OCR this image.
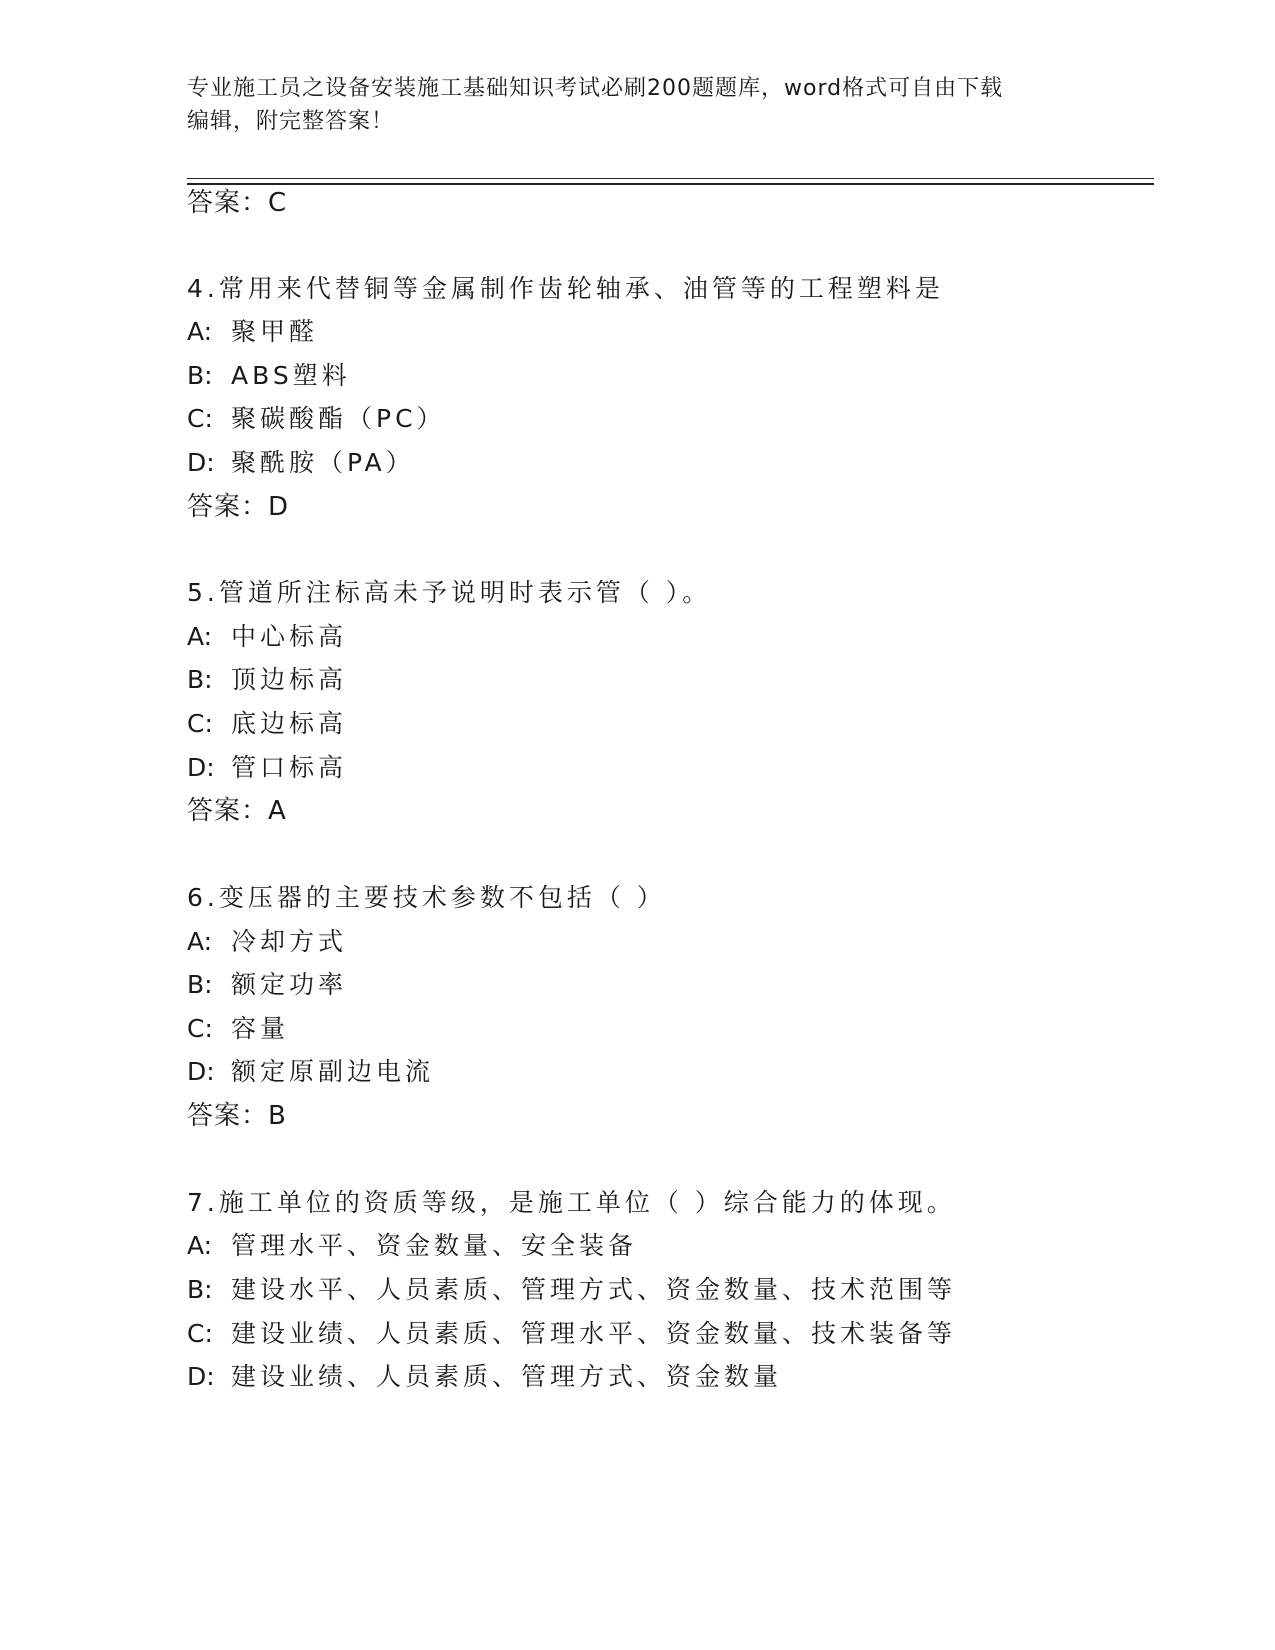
专业施工员之设备安装施工基础知识考试必刷200题题库，word格式可自由下载
编辑，附完整答案！
答案：C
4.常用来代替铜等金属制作齿轮轴承、油管等的工程塑料是
A: 聚甲醛
B: ABS塑料
C: 聚碳酸酯（PC）
D: 聚酰胺（PA）
答案：D
5.管道所注标高未予说明时表示管（ ）。
A: 中心标高
B: 顶边标高
C: 底边标高
D: 管口标高
答案：A
6.变压器的主要技术参数不包括（ ）
A: 冷却方式
B: 额定功率
C: 容量
D: 额定原副边电流
答案：B
7.施工单位的资质等级，是施工单位（ ）综合能力的体现。
A: 管理水平、资金数量、安全装备
B: 建设水平、人员素质、管理方式、资金数量、技术范围等
C: 建设业绩、人员素质、管理水平、资金数量、技术装备等
D: 建设业绩、人员素质、管理方式、资金数量
